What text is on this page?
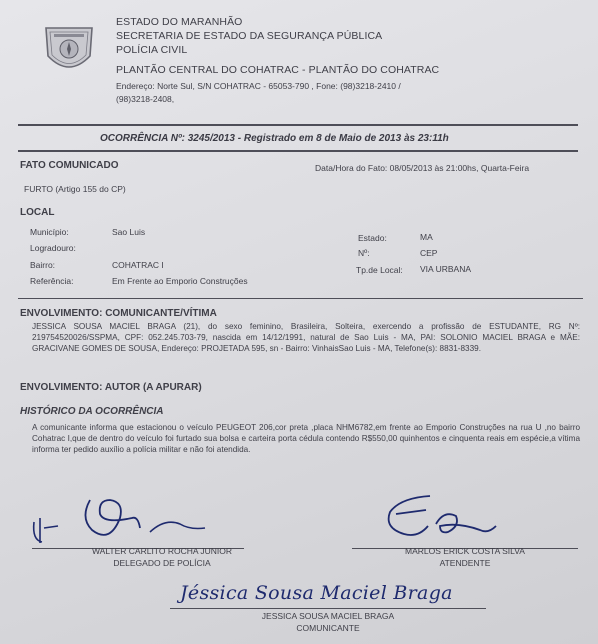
ESTADO DO MARANHÃO
SECRETARIA DE ESTADO DA SEGURANÇA PÚBLICA
POLÍCIA CIVIL
PLANTÃO CENTRAL DO COHATRAC - PLANTÃO DO COHATRAC
Endereço: Norte Sul, S/N COHATRAC - 65053-790 , Fone: (98)3218-2410 /
(98)3218-2408,
OCORRÊNCIA Nº: 3245/2013 - Registrado em 8 de Maio de 2013 às 23:11h
FATO COMUNICADO	Data/Hora do Fato: 08/05/2013 às 21:00hs, Quarta-Feira
FURTO (Artigo 155 do CP)
LOCAL
Município:	Sao Luis
Logradouro:
Bairro:	COHATRAC I
Referência:	Em Frente ao Emporio Construções
Estado:	MA
Nº:	CEP
Tp.de Local: VIA URBANA
ENVOLVIMENTO: COMUNICANTE/VÍTIMA
JESSICA SOUSA MACIEL BRAGA (21), do sexo feminino, Brasileira, Solteira, exercendo a profissão de ESTUDANTE, RG Nº: 219754520026/SSPMA, CPF: 052.245.703-79, nascida em 14/12/1991, natural de Sao Luis - MA, PAI: SOLONIO MACIEL BRAGA e MÃE: GRACIVANE GOMES DE SOUSA, Endereço: PROJETADA 595, sn - Bairro: VinhaisSao Luis - MA, Telefone(s): 8831-8339.
ENVOLVIMENTO: AUTOR (A APURAR)
HISTÓRICO DA OCORRÊNCIA
A comunicante informa que estacionou o veículo PEUGEOT 206,cor preta ,placa NHM6782,em frente ao Emporio Construções na rua U ,no bairro Cohatrac I,que de dentro do veículo foi furtado sua bolsa e carteira porta cédula contendo R$550,00 quinhentos e cinquenta reais em espécie,a vítima informa ter pedido auxílio a polícia militar e não foi atendida.
WALTER CARLITO ROCHA JUNIOR
DELEGADO DE POLÍCIA
MARLOS ERICK COSTA SILVA
ATENDENTE
Jéssica Sousa Maciel Braga
JESSICA SOUSA MACIEL BRAGA
COMUNICANTE
